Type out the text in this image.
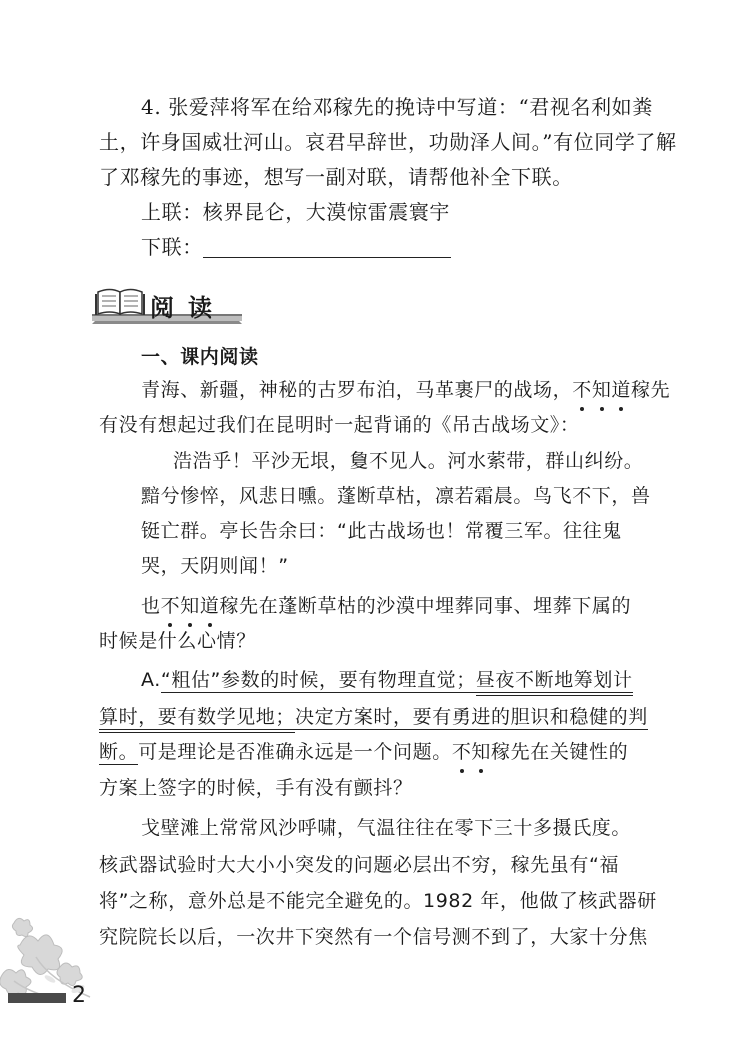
4. 张爱萍将军在给邓稼先的挽诗中写道：“君视名利如粪
土，许身国威壮河山。哀君早辞世，功勋泽人间。”有位同学了解
了邓稼先的事迹，想写一副对联，请帮他补全下联。
上联：核界昆仑，大漠惊雷震寰宇
下联：
阅读
一、课内阅读
青海、新疆，神秘的古罗布泊，马革裹尸的战场，不知道稼先
有没有想起过我们在昆明时一起背诵的《吊古战场文》：
浩浩乎！平沙无垠，敻不见人。河水萦带，群山纠纷。
黯兮惨悴，风悲日曛。蓬断草枯，凛若霜晨。鸟飞不下，兽
铤亡群。亭长告余曰：“此古战场也！常覆三军。往往鬼
哭，天阴则闻！”
也不知道稼先在蓬断草枯的沙漠中埋葬同事、埋葬下属的
时候是什么心情？
A.“粗估”参数的时候，要有物理直觉；昼夜不断地筹划计
算时，要有数学见地；决定方案时，要有勇进的胆识和稳健的判
断。可是理论是否准确永远是一个问题。不知稼先在关键性的
方案上签字的时候，手有没有颤抖？
戈壁滩上常常风沙呼啸，气温往往在零下三十多摄氏度。
核武器试验时大大小小突发的问题必层出不穷，稼先虽有“福
将”之称，意外总是不能完全避免的。1982 年，他做了核武器研
究院院长以后，一次井下突然有一个信号测不到了，大家十分焦
2
